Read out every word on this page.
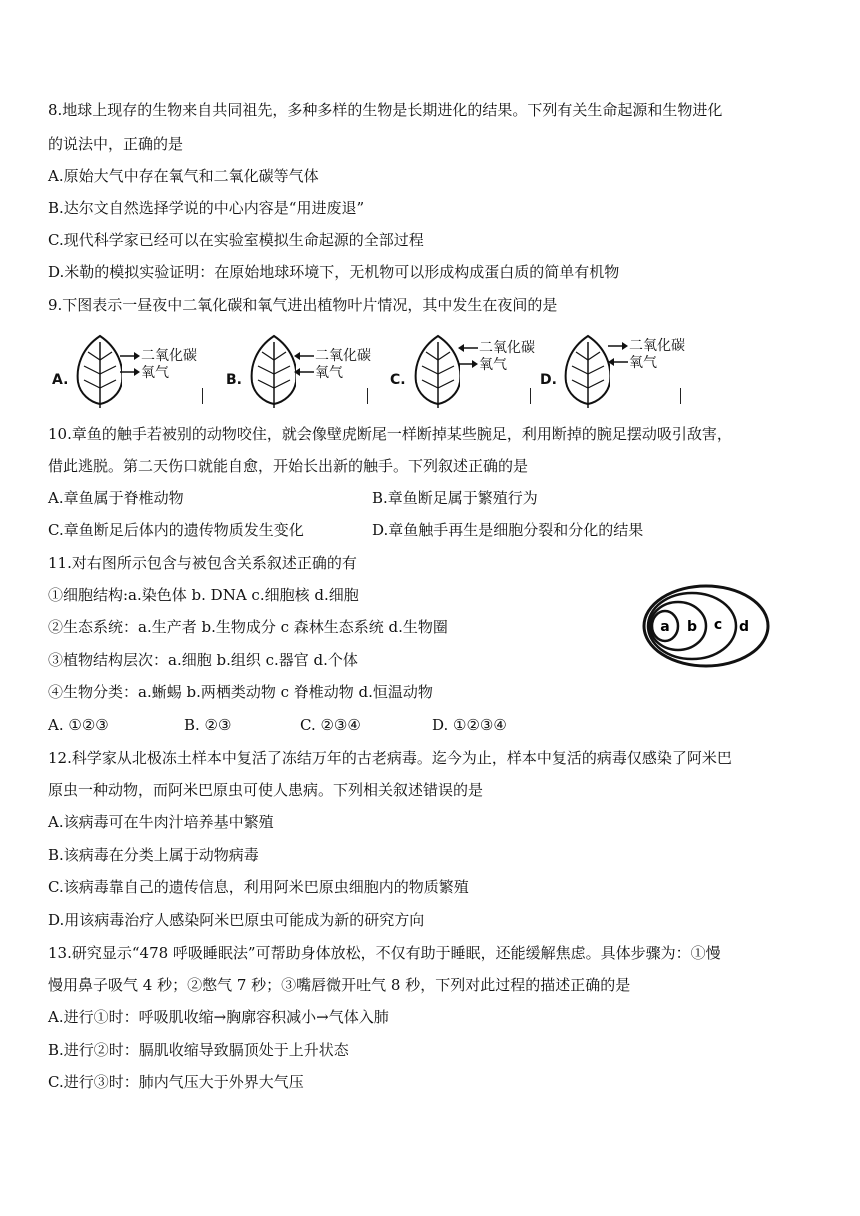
8.地球上现存的生物来自共同祖先，多种多样的生物是长期进化的结果。下列有关生命起源和生物进化
的说法中，正确的是
A.原始大气中存在氧气和二氧化碳等气体
B.达尔文自然选择学说的中心内容是“用进废退”
C.现代科学家已经可以在实验室模拟生命起源的全部过程
D.米勒的模拟实验证明：在原始地球环境下，无机物可以形成构成蛋白质的简单有机物
9.下图表示一昼夜中二氧化碳和氧气进出植物叶片情况，其中发生在夜间的是
A.
二氧化碳
氧气	B.
二氧化碳
氧气	C.
二氧化碳
氧气
D.
二氧化碳
氧气
10.章鱼的触手若被别的动物咬住，就会像壁虎断尾一样断掉某些腕足，利用断掉的腕足摆动吸引敌害，
借此逃脱。第二天伤口就能自愈，开始长出新的触手。下列叙述正确的是
A.章鱼属于脊椎动物	B.章鱼断足属于繁殖行为
C.章鱼断足后体内的遗传物质发生变化	D.章鱼触手再生是细胞分裂和分化的结果
11.对右图所示包含与被包含关系叙述正确的有
①细胞结构:a.染色体 b. DNA c.细胞核 d.细胞
②生态系统：a.生产者 b.生物成分 c 森林生态系统 d.生物圈
③植物结构层次：a.细胞 b.组织 c.器官 d.个体
④生物分类：a.蜥蜴 b.两栖类动物 c 脊椎动物 d.恒温动物
A. ①②③	B. ②③	C. ②③④	D. ①②③④
a b c d
12.科学家从北极冻土样本中复活了冻结万年的古老病毒。迄今为止，样本中复活的病毒仅感染了阿米巴
原虫一种动物，而阿米巴原虫可使人患病。下列相关叙述错误的是
A.该病毒可在牛肉汁培养基中繁殖
B.该病毒在分类上属于动物病毒
C.该病毒靠自己的遗传信息，利用阿米巴原虫细胞内的物质繁殖
D.用该病毒治疗人感染阿米巴原虫可能成为新的研究方向
13.研究显示“478 呼吸睡眠法”可帮助身体放松，不仅有助于睡眠，还能缓解焦虑。具体步骤为：①慢
慢用鼻子吸气 4 秒；②憋气 7 秒；③嘴唇微开吐气 8 秒，下列对此过程的描述正确的是
A.进行①时：呼吸肌收缩→胸廓容积减小→气体入肺
B.进行②时：膈肌收缩导致膈顶处于上升状态
C.进行③时：肺内气压大于外界大气压
